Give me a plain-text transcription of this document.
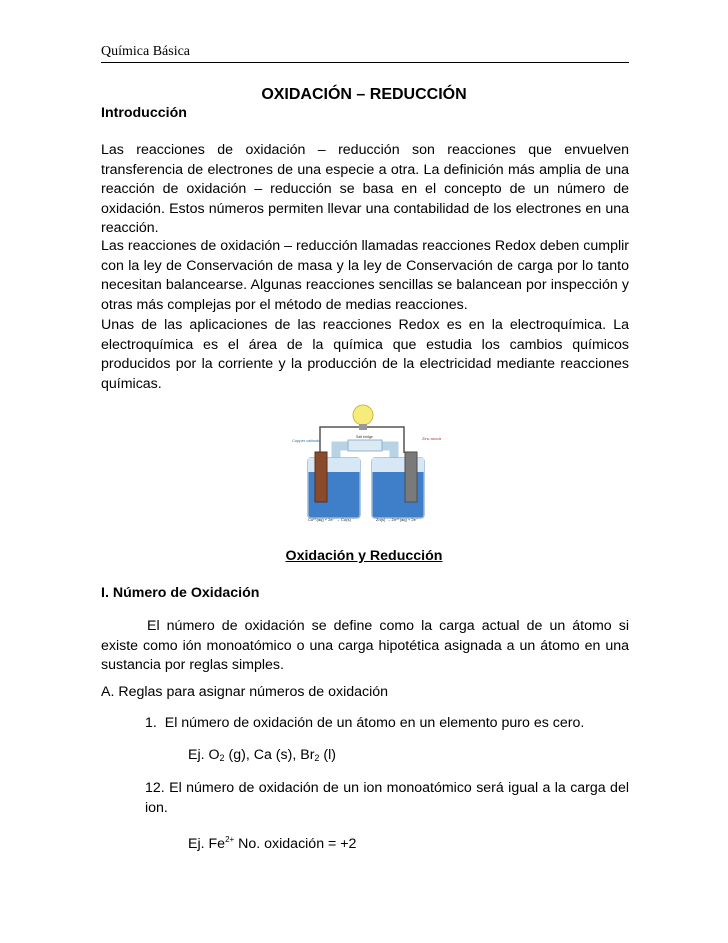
Química Básica
OXIDACIÓN – REDUCCIÓN
Introducción
Las reacciones de oxidación – reducción son reacciones que envuelven transferencia de electrones de una especie a otra. La definición más amplia de una reacción de oxidación – reducción se basa en el concepto de un número de oxidación. Estos números permiten llevar una contabilidad de los electrones en una reacción.
Las reacciones de oxidación – reducción llamadas reacciones Redox deben cumplir con la ley de Conservación de masa y la ley de Conservación de carga por lo tanto necesitan balancearse. Algunas reacciones sencillas se balancean por inspección y otras más complejas por el método de medias reacciones.
Unas de las aplicaciones de las reacciones Redox es en la electroquímica. La electroquímica es el área de la química que estudia los cambios químicos producidos por la corriente y la producción de la electricidad mediante reacciones químicas.
Copper cathode	Zinc anode
Salt bridge
Cu²⁺(aq) + 2e⁻ → Cu(s)	Zn(s) → Zn²⁺(aq) + 2e⁻
Oxidación y Reducción
I. Número de Oxidación
El número de oxidación se define como la carga actual de un átomo si existe como ión monoatómico o una carga hipotética asignada a un átomo en una sustancia por reglas simples.
A. Reglas para asignar números de oxidación
1. El número de oxidación de un átomo en un elemento puro es cero.
Ej. $O_2$ (g), Ca (s), $Br_2$ (l)
12. El número de oxidación de un ion monoatómico será igual a la carga del ion.
Ej. $Fe^{2+}$ No. oxidación = +2
